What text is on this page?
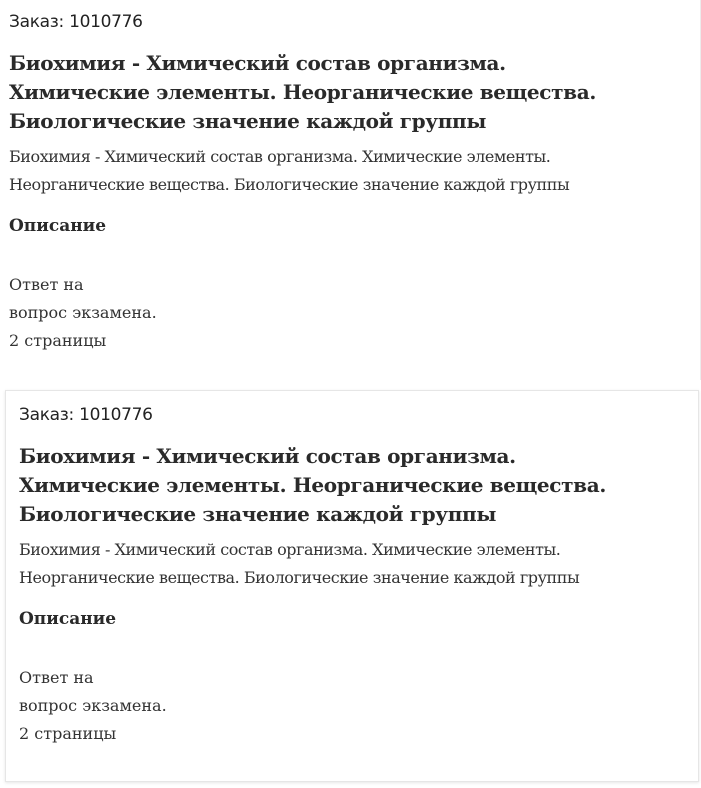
Заказ: 1010776
Биохимия - Химический состав организма.
Химические элементы. Неорганические вещества.
Биологические значение каждой группы
Биохимия - Химический состав организма. Химические элементы.
Неорганические вещества. Биологические значение каждой группы
Описание
Ответ на
вопрос экзамена.
2 страницы
Заказ: 1010776
Биохимия - Химический состав организма.
Химические элементы. Неорганические вещества.
Биологические значение каждой группы
Биохимия - Химический состав организма. Химические элементы.
Неорганические вещества. Биологические значение каждой группы
Описание
Ответ на
вопрос экзамена.
2 страницы
